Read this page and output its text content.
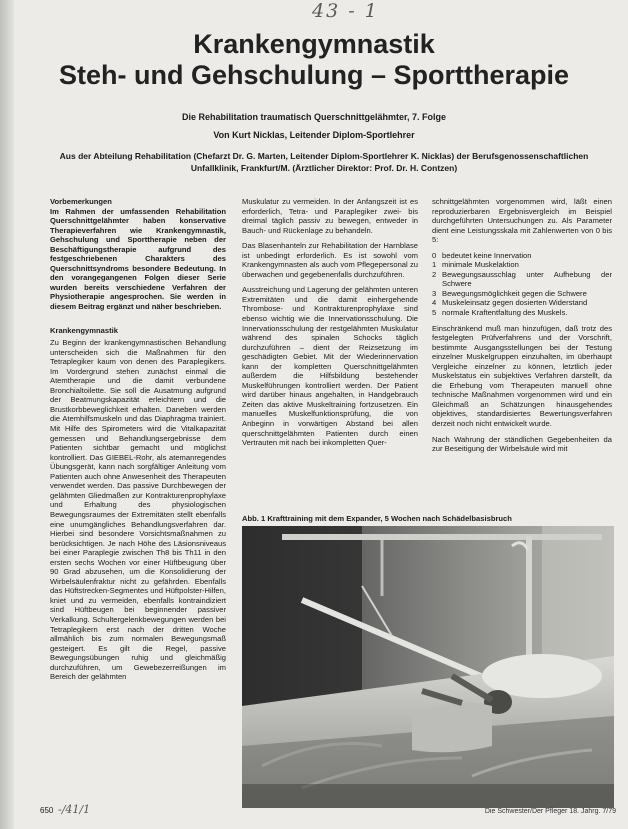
43 - 1
Krankengymnastik
Steh- und Gehschulung – Sporttherapie
Die Rehabilitation traumatisch Querschnittgelähmter, 7. Folge
Von Kurt Nicklas, Leitender Diplom-Sportlehrer
Aus der Abteilung Rehabilitation (Chefarzt Dr. G. Marten, Leitender Diplom-Sportlehrer K. Nicklas) der Berufsgenossenschaftlichen Unfallklinik, Frankfurt/M. (Ärztlicher Direktor: Prof. Dr. H. Contzen)
Vorbemerkungen
Im Rahmen der umfassenden Rehabilitation Querschnittgelähmter haben konservative Therapieverfahren wie Krankengymnastik, Gehschulung und Sporttherapie neben der Beschäftigungstherapie aufgrund des festgeschriebenen Charakters des Querschnittsyndroms besondere Bedeutung. In den vorangegangenen Folgen dieser Serie wurden bereits verschiedene Verfahren der Physiotherapie angesprochen. Sie werden in diesem Beitrag ergänzt und näher beschrieben.
Krankengymnastik
Zu Beginn der krankengymnastischen Behandlung unterscheiden sich die Maßnahmen für den Tetraplegiker kaum von denen des Paraplegikers. Im Vordergrund stehen zunächst einmal die Atemtherapie und die damit verbundene Bronchialtoilette. Sie soll die Ausatmung aufgrund der Beatmungskapazität erleichtern und die Brustkorbbeweglichkeit erhalten. Daneben werden die Atemhilfsmuskeln und das Diaphragma trainiert. Mit Hilfe des Spirometers wird die Vitalkapazität gemessen und Behandlungsergebnisse dem Patienten sichtbar gemacht und möglichst kontrolliert. Das GIEBEL-Rohr, als atemanregendes Übungsgerät, kann nach sorgfältiger Anleitung vom Patienten auch ohne Anwesenheit des Therapeuten verwendet werden. Das passive Durchbewegen der gelähmten Gliedmaßen zur Kontrakturenprophylaxe und Erhaltung des physiologischen Bewegungsraumes der Extremitäten stellt ebenfalls eine unumgängliches Behandlungsverfahren dar. Hierbei sind besondere Vorsichtsmaßnahmen zu berücksichtigen. Je nach Höhe des Läsionsniveaus bei einer Paraplegie zwischen Th8 bis Th11 in den ersten sechs Wochen vor einer Hüftbeugung über 90 Grad abzusehen, um die Konsolidierung der Wirbelsäulenfraktur nicht zu gefährden. Ebenfalls das Hüftstrecken-Segmentes und Hüftpolster-Hilfen, kniet und zu vermeiden, ebenfalls kontraindiziert sind Hüftbeugen bei beginnender passiver Verkalkung. Schultergelenkbewegungen werden bei Tetraplegikern erst nach der dritten Woche allmählich bis zum normalen Bewegungsmaß gesteigert. Es gilt die Regel, passive Bewegungsübungen ruhig und gleichmäßig durchzuführen, um Gewebezerreißungen im Bereich der gelähmten

Muskulatur zu vermeiden. In der Anfangszeit ist es erforderlich, Tetra- und Paraplegiker zwei- bis dreimal täglich passiv zu bewegen, entweder in Bauch- und Rückenlage zu behandeln.

Das Blasenhanteln zur Rehabilitation der Harnblase ist unbedingt erforderlich. Es ist sowohl vom Krankengymnasten als auch vom Pflegepersonal zu überwachen und gegebenenfalls durchzuführen.

Ausstreichung und Lagerung der gelähmten unteren Extremitäten und die damit einhergehende Thrombose- und Kontrakturenprophylaxe sind ebenso wichtig wie die Innervationsschulung. Die Innervationsschulung der restgelähmten Muskulatur während des spinalen Schocks täglich durchzuführen – dient der Reizsetzung im geschädigten Gebiet. Mit der Wiederinnervation kann der kompletten Querschnittgelähmten außerdem die Hilfsbildung bestehender Muskelführungen kontrolliert werden. Der Patient wird darüber hinaus angehalten, in Handgebrauch Zeiten das aktive Muskeltraining fortzusetzen. Ein manuelles Muskelfunktionsprüfung, die von Anbeginn in vorwärtigen Abstand bei allen querschnittgelähmten Patienten durch einen Vertrauten mit nach bei inkompletten Quer-

schnittgelähmten vorgenommen wird, läßt einen reproduzierbaren Ergebnisvergleich im Beispiel durchgeführten Untersuchungen zu. Als Parameter dient eine Leistungsskala mit Zahlenwerten von 0 bis 5:

0 bedeutet keine Innervation
1 minimale Muskelaktion
2 Bewegungsausschlag unter Aufhebung der Schwere
3 Bewegungsmöglichkeit gegen die Schwere
4 Muskeleinsatz gegen dosierten Widerstand
5 normale Kraftentfaltung des Muskels.

Einschränkend muß man hinzufügen, daß trotz des festgelegten Prüfverfahrens und der Vorschrift, bestimmte Ausgangsstellungen bei der Testung einzelner Muskelgruppen einzuhalten, im überhaupt Vergleiche einzelner zu können, letztlich jeder Muskelstatus ein subjektives Verfahren darstellt, da die Erhebung vom Therapeuten manuell ohne technische Maßnahmen vorgenommen wird und ein Gleichmaß an Schätzungen hinausgehendes objektives, standardisiertes Bewertungsverfahren derzeit noch nicht entwickelt wurde.

Nach Wahrung der ständlichen Gegebenheiten da zur Beseitigung der Wirbelsäule wird mit

Abb. 1 Krafttraining mit dem Expander, 5 Wochen nach Schädelbasisbruch
650 -/41/1	Die Schwester/Der Pfleger 18. Jahrg. 7/79
